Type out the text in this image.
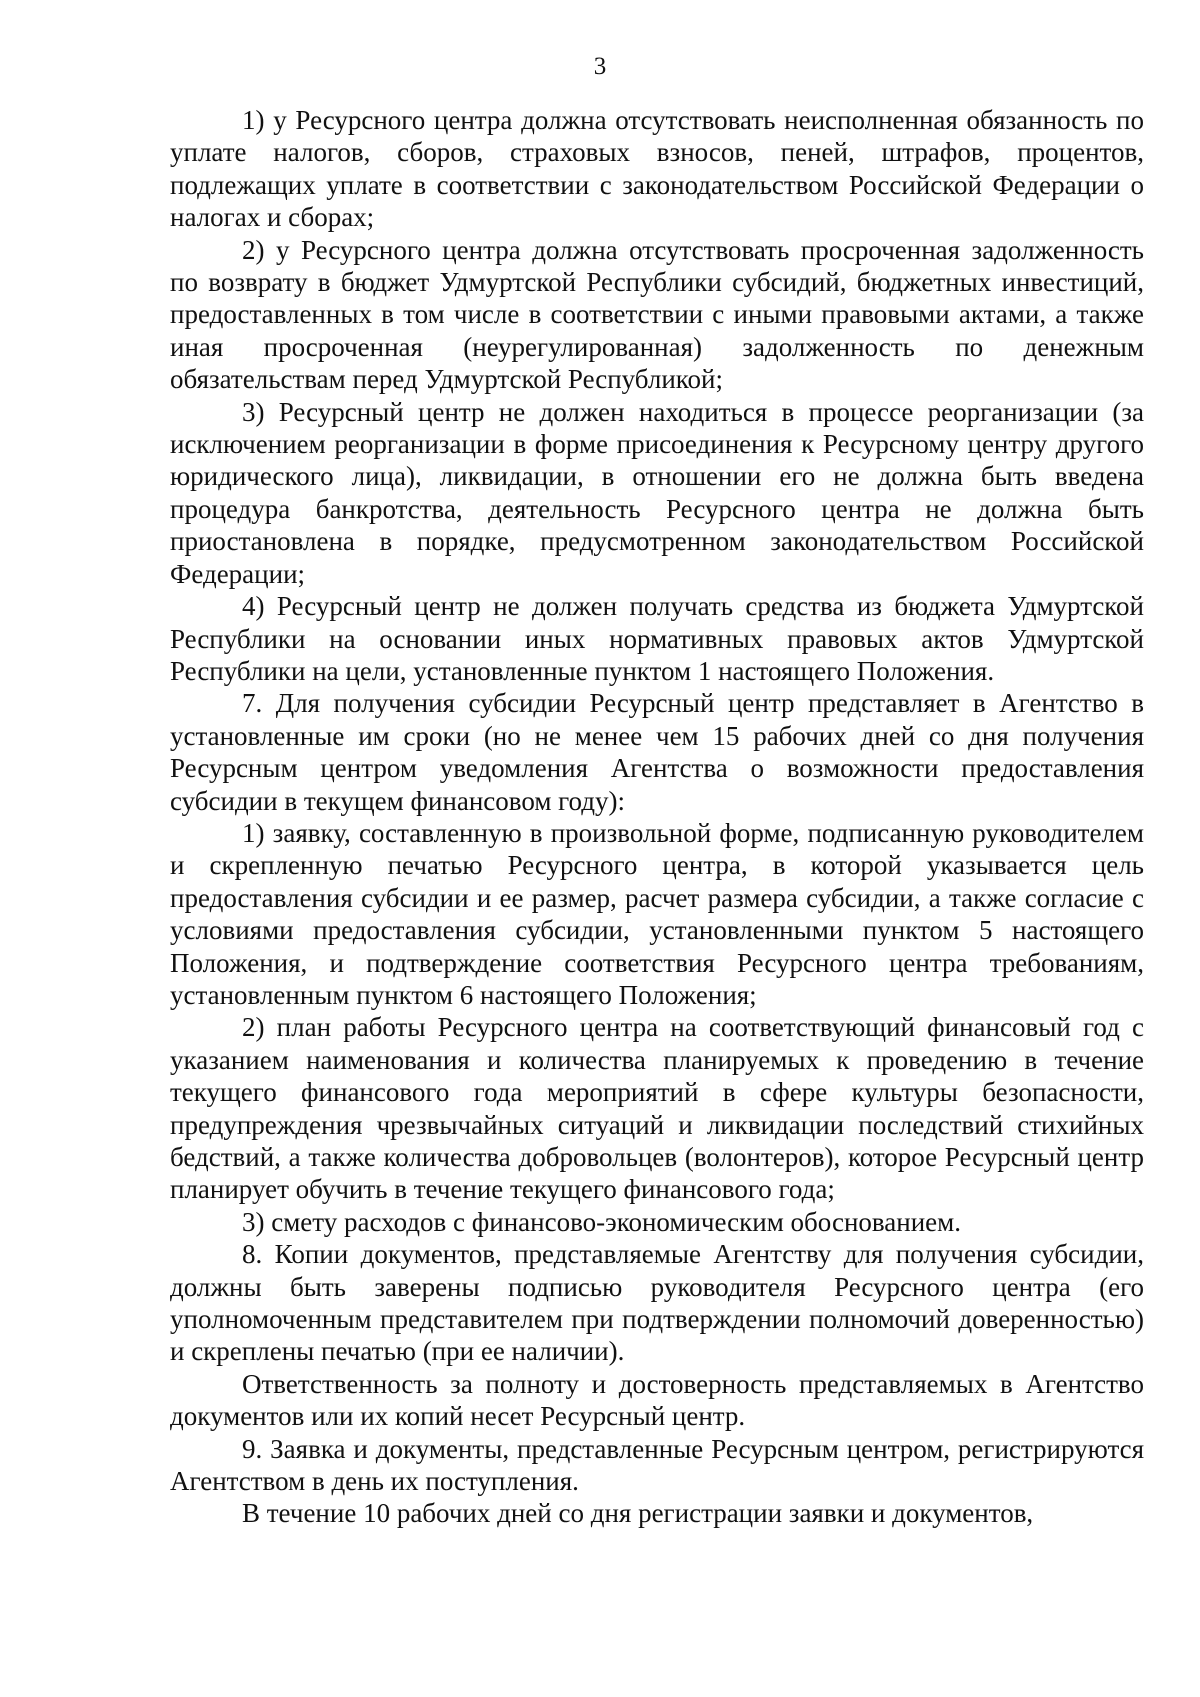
3

1) у Ресурсного центра должна отсутствовать неисполненная обязанность по уплате налогов, сборов, страховых взносов, пеней, штрафов, процентов, подлежащих уплате в соответствии с законодательством Российской Федерации о налогах и сборах;

2) у Ресурсного центра должна отсутствовать просроченная задолженность по возврату в бюджет Удмуртской Республики субсидий, бюджетных инвестиций, предоставленных в том числе в соответствии с иными правовыми актами, а также иная просроченная (неурегулированная) задолженность по денежным обязательствам перед Удмуртской Республикой;

3) Ресурсный центр не должен находиться в процессе реорганизации (за исключением реорганизации в форме присоединения к Ресурсному центру другого юридического лица), ликвидации, в отношении его не должна быть введена процедура банкротства, деятельность Ресурсного центра не должна быть приостановлена в порядке, предусмотренном законодательством Российской Федерации;

4) Ресурсный центр не должен получать средства из бюджета Удмуртской Республики на основании иных нормативных правовых актов Удмуртской Республики на цели, установленные пунктом 1 настоящего Положения.

7. Для получения субсидии Ресурсный центр представляет в Агентство в установленные им сроки (но не менее чем 15 рабочих дней со дня получения Ресурсным центром уведомления Агентства о возможности предоставления субсидии в текущем финансовом году):

1) заявку, составленную в произвольной форме, подписанную руководителем и скрепленную печатью Ресурсного центра, в которой указывается цель предоставления субсидии и ее размер, расчет размера субсидии, а также согласие с условиями предоставления субсидии, установленными пунктом 5 настоящего Положения, и подтверждение соответствия Ресурсного центра требованиям, установленным пунктом 6 настоящего Положения;

2) план работы Ресурсного центра на соответствующий финансовый год с указанием наименования и количества планируемых к проведению в течение текущего финансового года мероприятий в сфере культуры безопасности, предупреждения чрезвычайных ситуаций и ликвидации последствий стихийных бедствий, а также количества добровольцев (волонтеров), которое Ресурсный центр планирует обучить в течение текущего финансового года;

3) смету расходов с финансово-экономическим обоснованием.

8. Копии документов, представляемые Агентству для получения субсидии, должны быть заверены подписью руководителя Ресурсного центра (его уполномоченным представителем при подтверждении полномочий доверенностью) и скреплены печатью (при ее наличии).

Ответственность за полноту и достоверность представляемых в Агентство документов или их копий несет Ресурсный центр.

9. Заявка и документы, представленные Ресурсным центром, регистрируются Агентством в день их поступления.

В течение 10 рабочих дней со дня регистрации заявки и документов,
